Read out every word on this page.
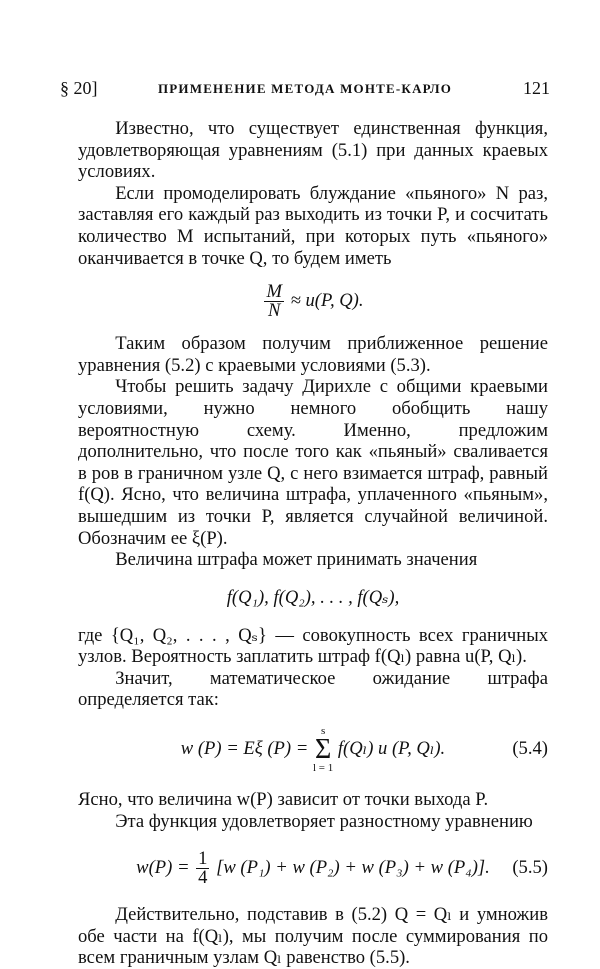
§ 20]	ПРИМЕНЕНИЕ МЕТОДА МОНТЕ-КАРЛО	121

Известно, что существует единственная функция, удовлетворяющая уравнениям (5.1) при данных краевых условиях.

Если промоделировать блуждание «пьяного» N раз, заставляя его каждый раз выходить из точки P, и сосчитать количество M испытаний, при которых путь «пьяного» оканчивается в точке Q, то будем иметь

$\frac{M}{N} \approx u(P$, Q).

Таким образом получим приближенное решение уравнения (5.2) с краевыми условиями (5.3).

Чтобы решить задачу Дирихле с общими краевыми условиями, нужно немного обобщить нашу вероятностную схему. Именно, предложим дополнительно, что после того как «пьяный» сваливается в ров в граничном узле Q, с него взимается штраф, равный f(Q). Ясно, что величина штрафа, уплаченного «пьяным», вышедшим из точки P, является случайной величиной. Обозначим ее ξ(P).

Величина штрафа может принимать значения

f(Q₁), f(Q₂), . . . , f(Qₛ),

где {Q₁, Q₂, . . . , Qₛ} — совокупность всех граничных узлов. Вероятность заплатить штраф f(Qₗ) равна u(P, Qₗ).

Значит, математическое ожидание штрафа определяется так:

w (P) = Eξ (P) = s
Σ
l = 1 f(Qₗ) u (P, Qₗ).	(5.4)

Ясно, что величина w(P) зависит от точки выхода P.

Эта функция удовлетворяет разностному уравнению

$w(P) = \frac{1}{4} [w$ (P₁) + w (P₂) + w (P₃) + w (P₄)]. (5.5)

Действительно, подставив в (5.2) Q = Qₗ и умножив обе части на f(Qₗ), мы получим после суммирования по всем граничным узлам Qₗ равенство (5.5).
